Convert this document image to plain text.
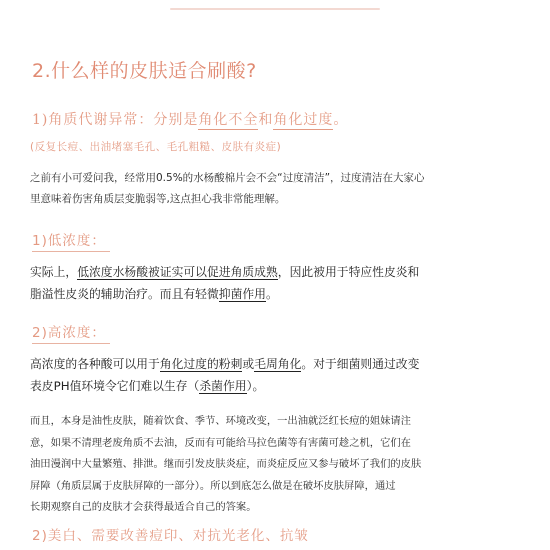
2.什么样的皮肤适合刷酸?
1)角质代谢异常：分别是角化不全和角化过度。
(反复长痘、出油堵塞毛孔、毛孔粗糙、皮肤有炎症)
之前有小可爱问我，经常用0.5%的水杨酸棉片会不会“过度清洁”，过度清洁在大家心
里意味着伤害角质层变脆弱等,这点担心我非常能理解。
1)低浓度：
实际上，低浓度水杨酸被证实可以促进角质成熟，因此被用于特应性皮炎和
脂溢性皮炎的辅助治疗。而且有轻微抑菌作用。
2)高浓度：
高浓度的各种酸可以用于角化过度的粉刺或毛周角化。对于细菌则通过改变
表皮PH值环境令它们难以生存（杀菌作用）。
而且，本身是油性皮肤，随着饮食、季节、环境改变，一出油就泛红长痘的姐妹请注
意，如果不清理老废角质不去油，反而有可能给马拉色菌等有害菌可趁之机，它们在
油田漫润中大量繁殖、排泄。继而引发皮肤炎症，而炎症反应又参与破坏了我们的皮肤
屏障（角质层属于皮肤屏障的一部分）。所以到底怎么做是在破坏皮肤屏障，通过
长期观察自己的皮肤才会获得最适合自己的答案。
2)美白、需要改善痘印、对抗光老化、抗皱
